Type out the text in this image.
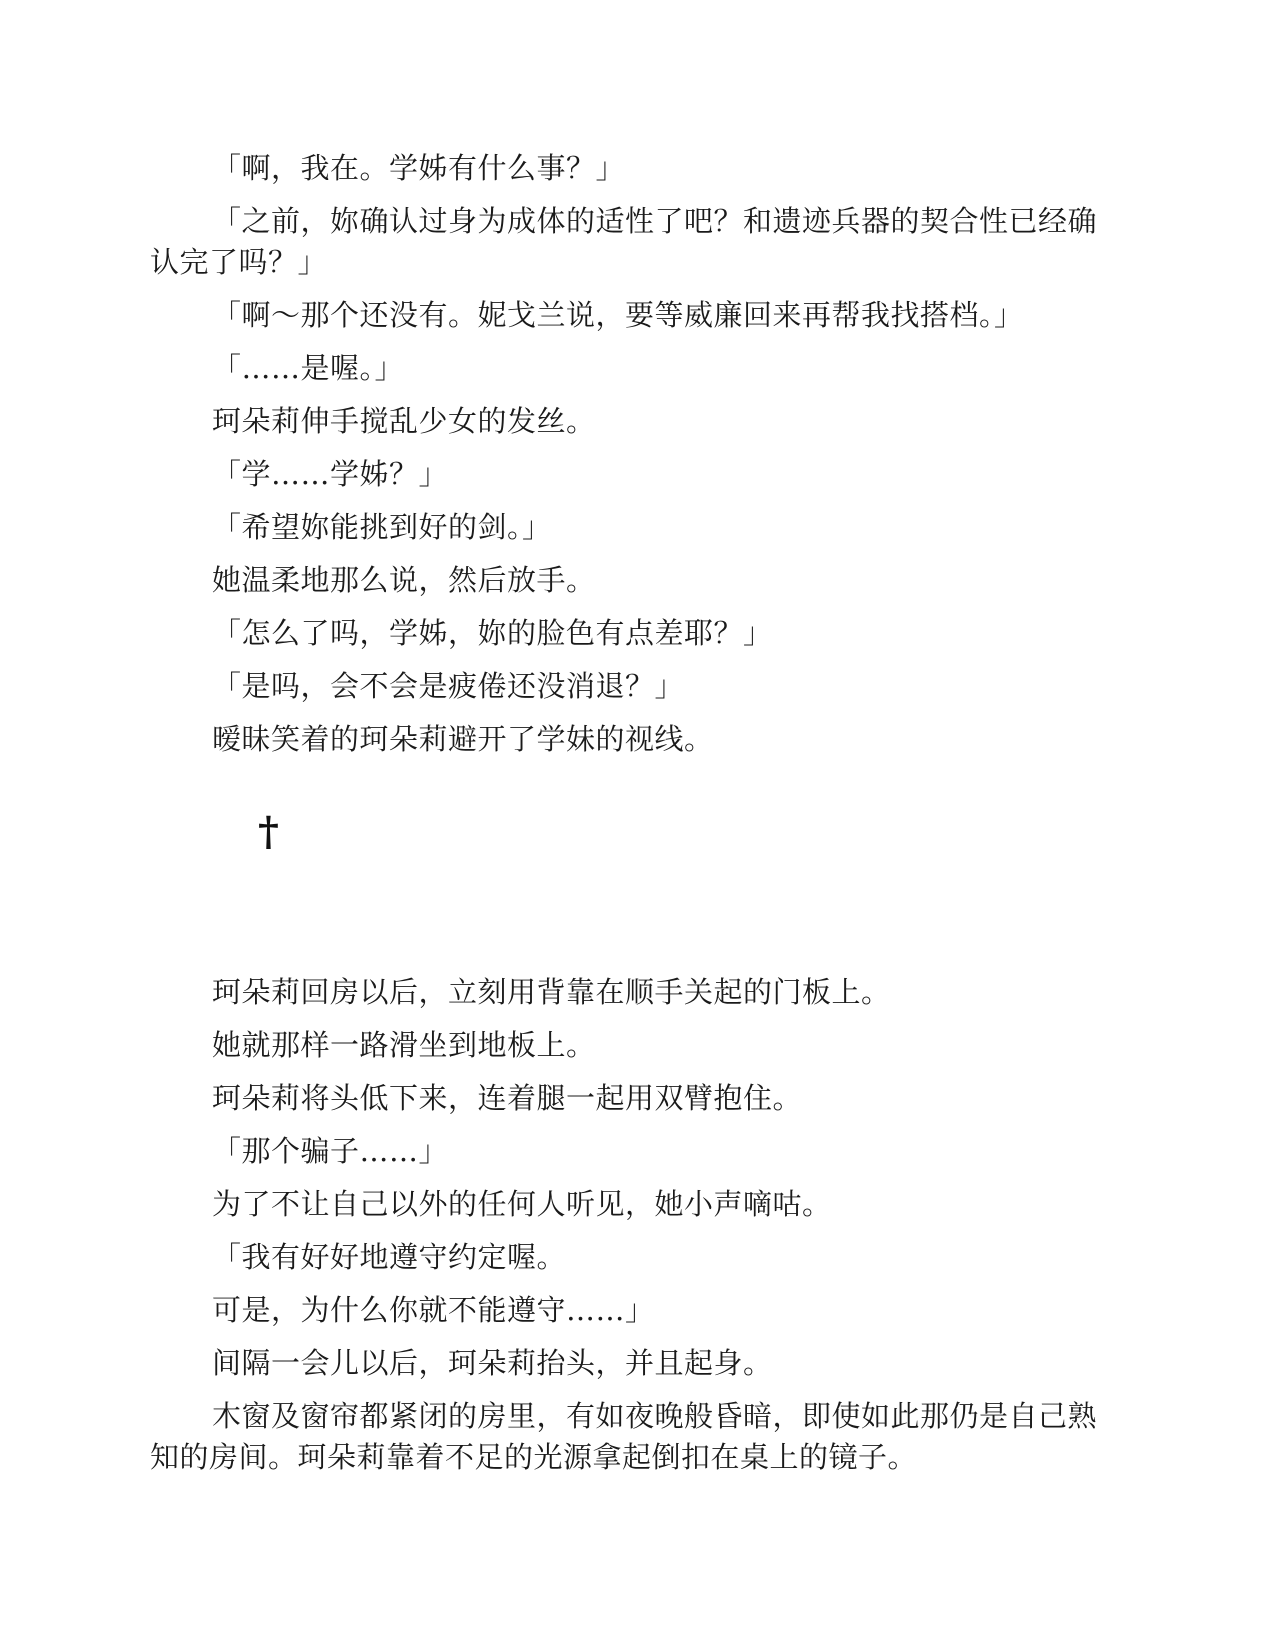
「啊，我在。学姊有什么事？」

「之前，妳确认过身为成体的适性了吧？和遗迹兵器的契合性已经确认完了吗？」

「啊～那个还没有。妮戈兰说，要等威廉回来再帮我找搭档。」

「……是喔。」

珂朵莉伸手搅乱少女的发丝。

「学……学姊？」

「希望妳能挑到好的剑。」

她温柔地那么说，然后放手。

「怎么了吗，学姊，妳的脸色有点差耶？」

「是吗，会不会是疲倦还没消退？」

暧昧笑着的珂朵莉避开了学妹的视线。

†

珂朵莉回房以后，立刻用背靠在顺手关起的门板上。

她就那样一路滑坐到地板上。

珂朵莉将头低下来，连着腿一起用双臂抱住。

「那个骗子……」

为了不让自己以外的任何人听见，她小声嘀咕。

「我有好好地遵守约定喔。

可是，为什么你就不能遵守……」

间隔一会儿以后，珂朵莉抬头，并且起身。

木窗及窗帘都紧闭的房里，有如夜晚般昏暗，即使如此那仍是自己熟知的房间。珂朵莉靠着不足的光源拿起倒扣在桌上的镜子。
